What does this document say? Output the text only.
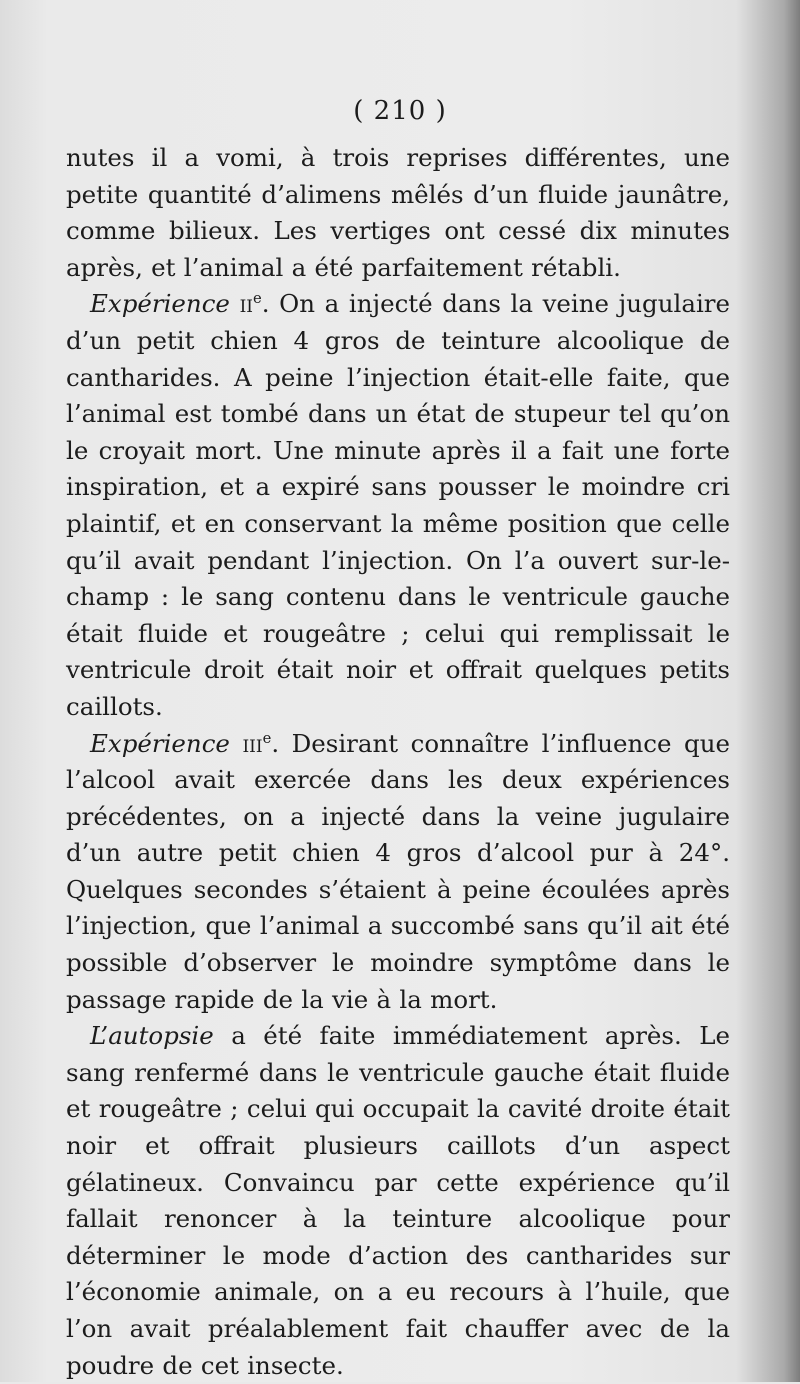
( 210 )

nutes il a vomi, à trois reprises différentes, une petite quantité d’alimens mêlés d’un fluide jaunâtre, comme bilieux. Les vertiges ont cessé dix minutes après, et l’animal a été parfaitement rétabli.

Expérience $ii^e$. On a injecté dans la veine jugulaire d’un petit chien 4 gros de teinture alcoolique de cantharides. A peine l’injection était-elle faite, que l’animal est tombé dans un état de stupeur tel qu’on le croyait mort. Une minute après il a fait une forte inspiration, et a expiré sans pousser le moindre cri plaintif, et en conservant la même position que celle qu’il avait pendant l’injection. On l’a ouvert sur-le-champ : le sang contenu dans le ventricule gauche était fluide et rougeâtre ; celui qui remplissait le ventricule droit était noir et offrait quelques petits caillots.

Expérience iii$^e$. Desirant connaître l’influence que l’alcool avait exercée dans les deux expériences précédentes, on a injecté dans la veine jugulaire d’un autre petit chien 4 gros d’alcool pur à 24°. Quelques secondes s’étaient à peine écoulées après l’injection, que l’animal a succombé sans qu’il ait été possible d’observer le moindre symptôme dans le passage rapide de la vie à la mort.

L’autopsie a été faite immédiatement après. Le sang renfermé dans le ventricule gauche était fluide et rougeâtre ; celui qui occupait la cavité droite était noir et offrait plusieurs caillots d’un aspect gélatineux. Convaincu par cette expérience qu’il fallait renoncer à la teinture alcoolique pour déterminer le mode d’action des cantharides sur l’économie animale, on a eu recours à l’huile, que l’on avait préalablement fait chauffer avec de la poudre de cet insecte.
